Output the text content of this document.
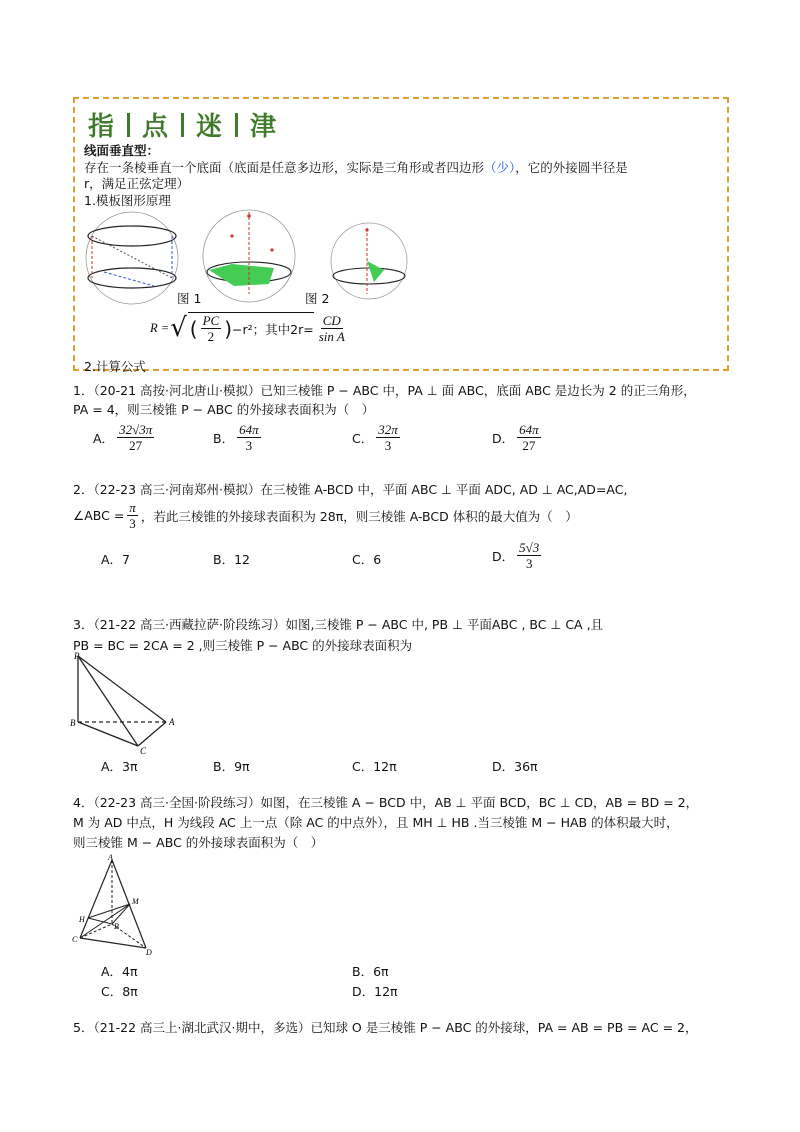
指 点 迷 津
线面垂直型：
存在一条棱垂直一个底面（底面是任意多边形，实际是三角形或者四边形（少），它的外接圆半径是
r，满足正弦定理）
1.模板图形原理
图 1	图 2
R = √ ( $\frac{PC}{2}$ ) −r²；其中$2r= \frac{CD}{\text{sin A}}$
2.计算公式
1．（20-21 高按·河北唐山·模拟）已知三棱锥 P − ABC 中，PA ⊥ 面 ABC，底面 ABC 是边长为 2 的正三角形，
PA = 4，则三棱锥 P − ABC 的外接球表面积为（　）
A． $\frac{32√3\pi}{27}$	B． $\frac{64\pi}{3}$	C． $\frac{32\pi}{3}$	D． $\frac{64\pi}{27}$
2．（22-23 高三·河南郑州·模拟）在三棱锥 A-BCD 中，平面 ABC ⊥ 平面 ADC, AD ⊥ AC,AD=AC,
∠ABC = $\frac{\pi}{3}$ ，若此三棱锥的外接球表面积为 28π，则三棱锥 A-BCD 体积的最大值为（　）
A．7	B．12	C．6	D． $\frac{5√3}{3}$
3．（21-22 高三·西藏拉萨·阶段练习）如图,三棱锥 P − ABC 中, PB ⊥ 平面ABC , BC ⊥ CA ,且
PB = BC = 2CA = 2 ,则三棱锥 P − ABC 的外接球表面积为
P
B	A
C
A．3π	B．9π	C．12π	D．36π
4．（22-23 高三·全国·阶段练习）如图，在三棱锥 A − BCD 中，AB ⊥ 平面 BCD，BC ⊥ CD，AB = BD = 2，
M 为 AD 中点，H 为线段 AC 上一点（除 AC 的中点外），且 MH ⊥ HB .当三棱锥 M − HAB 的体积最大时，
则三棱锥 M − ABC 的外接球表面积为（　）
A
M
H
B
C
D
A．4π	B．6π
C．8π	D．12π
5．（21-22 高三上·湖北武汉·期中，多选）已知球 O 是三棱锥 P − ABC 的外接球，PA = AB = PB = AC = 2，
